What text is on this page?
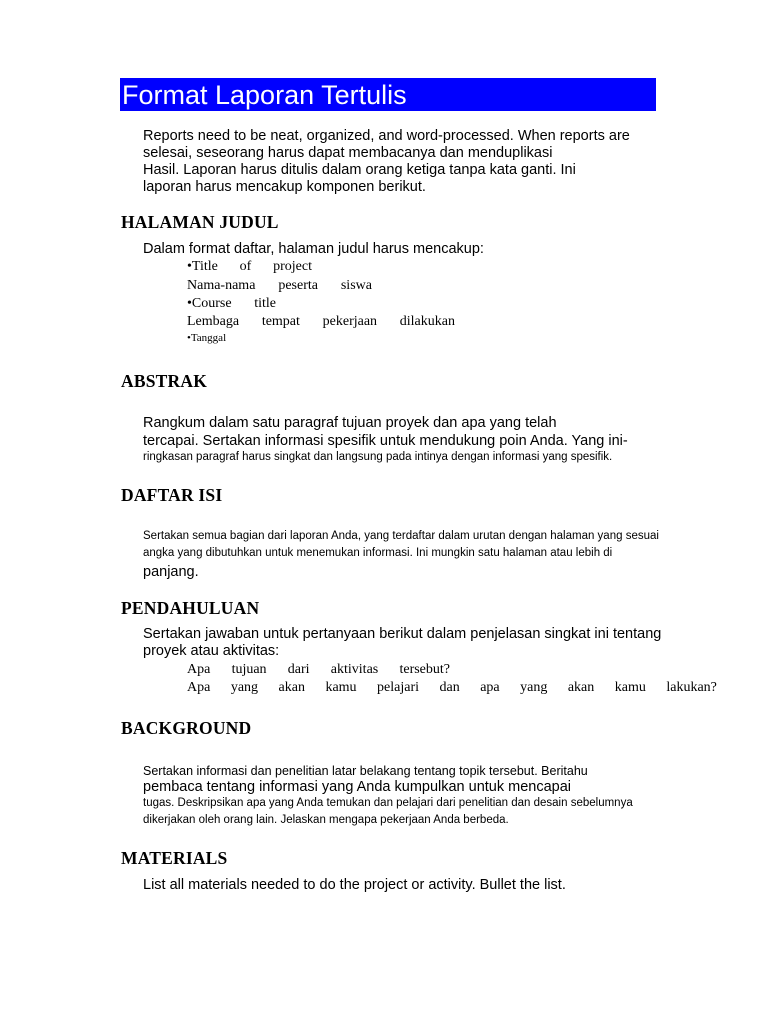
Format Laporan Tertulis
Reports need to be neat, organized, and word-processed. When reports are
selesai, seseorang harus dapat membacanya dan menduplikasi
Hasil. Laporan harus ditulis dalam orang ketiga tanpa kata ganti. Ini
laporan harus mencakup komponen berikut.
HALAMAN JUDUL
Dalam format daftar, halaman judul harus mencakup:
•Title of project
Nama-nama peserta siswa
•Course title
Lembaga tempat pekerjaan dilakukan
•Tanggal
ABSTRAK
Rangkum dalam satu paragraf tujuan proyek dan apa yang telah
tercapai. Sertakan informasi spesifik untuk mendukung poin Anda. Yang ini-
ringkasan paragraf harus singkat dan langsung pada intinya dengan informasi yang spesifik.
DAFTAR ISI
Sertakan semua bagian dari laporan Anda, yang terdaftar dalam urutan dengan halaman yang sesuai
angka yang dibutuhkan untuk menemukan informasi. Ini mungkin satu halaman atau lebih di
panjang.
PENDAHULUAN
Sertakan jawaban untuk pertanyaan berikut dalam penjelasan singkat ini tentang
proyek atau aktivitas:
Apa tujuan dari aktivitas tersebut?
Apa yang akan kamu pelajari dan apa yang akan kamu lakukan?
BACKGROUND
Sertakan informasi dan penelitian latar belakang tentang topik tersebut. Beritahu
pembaca tentang informasi yang Anda kumpulkan untuk mencapai
tugas. Deskripsikan apa yang Anda temukan dan pelajari dari penelitian dan desain sebelumnya
dikerjakan oleh orang lain. Jelaskan mengapa pekerjaan Anda berbeda.
MATERIALS
List all materials needed to do the project or activity. Bullet the list.
